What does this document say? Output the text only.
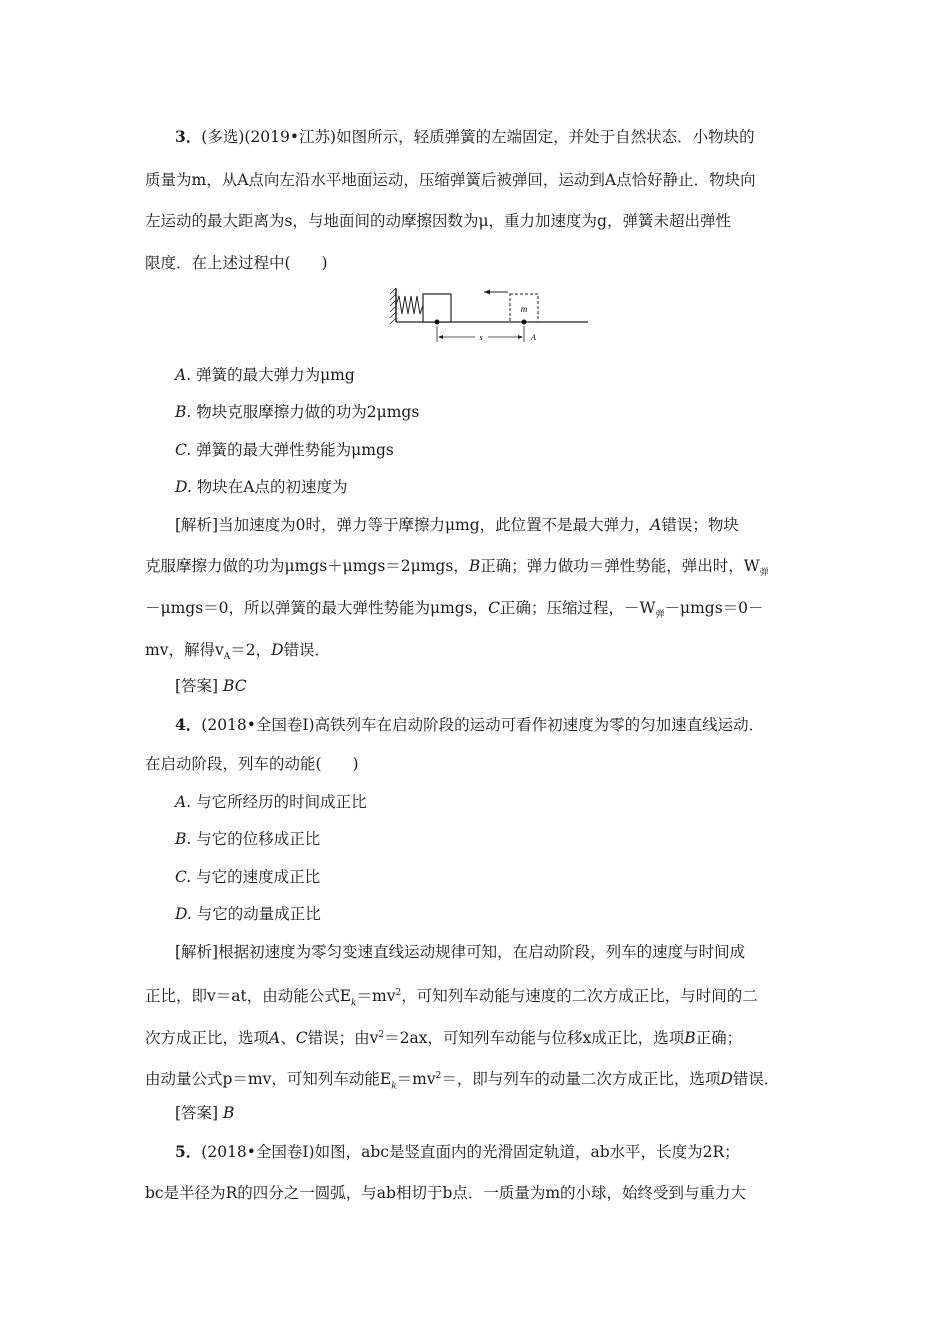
3．(多选)(2019•江苏)如图所示，轻质弹簧的左端固定，并处于自然状态．小物块的
质量为m，从A点向左沿水平地面运动，压缩弹簧后被弹回，运动到A点恰好静止．物块向
左运动的最大距离为s，与地面间的动摩擦因数为μ，重力加速度为g，弹簧未超出弹性
限度．在上述过程中(　　)
m
s	A
A. 弹簧的最大弹力为μmg
B. 物块克服摩擦力做的功为2μmgs
C. 弹簧的最大弹性势能为μmgs
D. 物块在A点的初速度为
[解析]当加速度为0时，弹力等于摩擦力μmg，此位置不是最大弹力，A错误；物块
克服摩擦力做的功为μmgs＋μmgs＝2μmgs，B正确；弹力做功＝弹性势能，弹出时，$W_弹$
－μmgs＝0，所以弹簧的最大弹性势能为μmgs，C正确；压缩过程，$-W_弹-\mu mgs=0-$
mv，解得$v_A=2$，D错误．
[答案] BC
4．(2018•全国卷Ⅰ)高铁列车在启动阶段的运动可看作初速度为零的匀加速直线运动．
在启动阶段，列车的动能(　　)
A. 与它所经历的时间成正比
B. 与它的位移成正比
C. 与它的速度成正比
D. 与它的动量成正比
[解析]根据初速度为零匀变速直线运动规律可知，在启动阶段，列车的速度与时间成
正比，即v＝at，由动能公式$E_k=mv^2$，可知列车动能与速度的二次方成正比，与时间的二
次方成正比，选项A、C错误；由$v^2=2ax$，可知列车动能与位移x成正比，选项B正确；
由动量公式p＝mv，可知列车动能$E_k=mv^2=$，即与列车的动量二次方成正比，选项D错误．
[答案] B
5．(2018•全国卷Ⅰ)如图，abc是竖直面内的光滑固定轨道，ab水平，长度为2R；
bc是半径为R的四分之一圆弧，与ab相切于b点．一质量为m的小球，始终受到与重力大
